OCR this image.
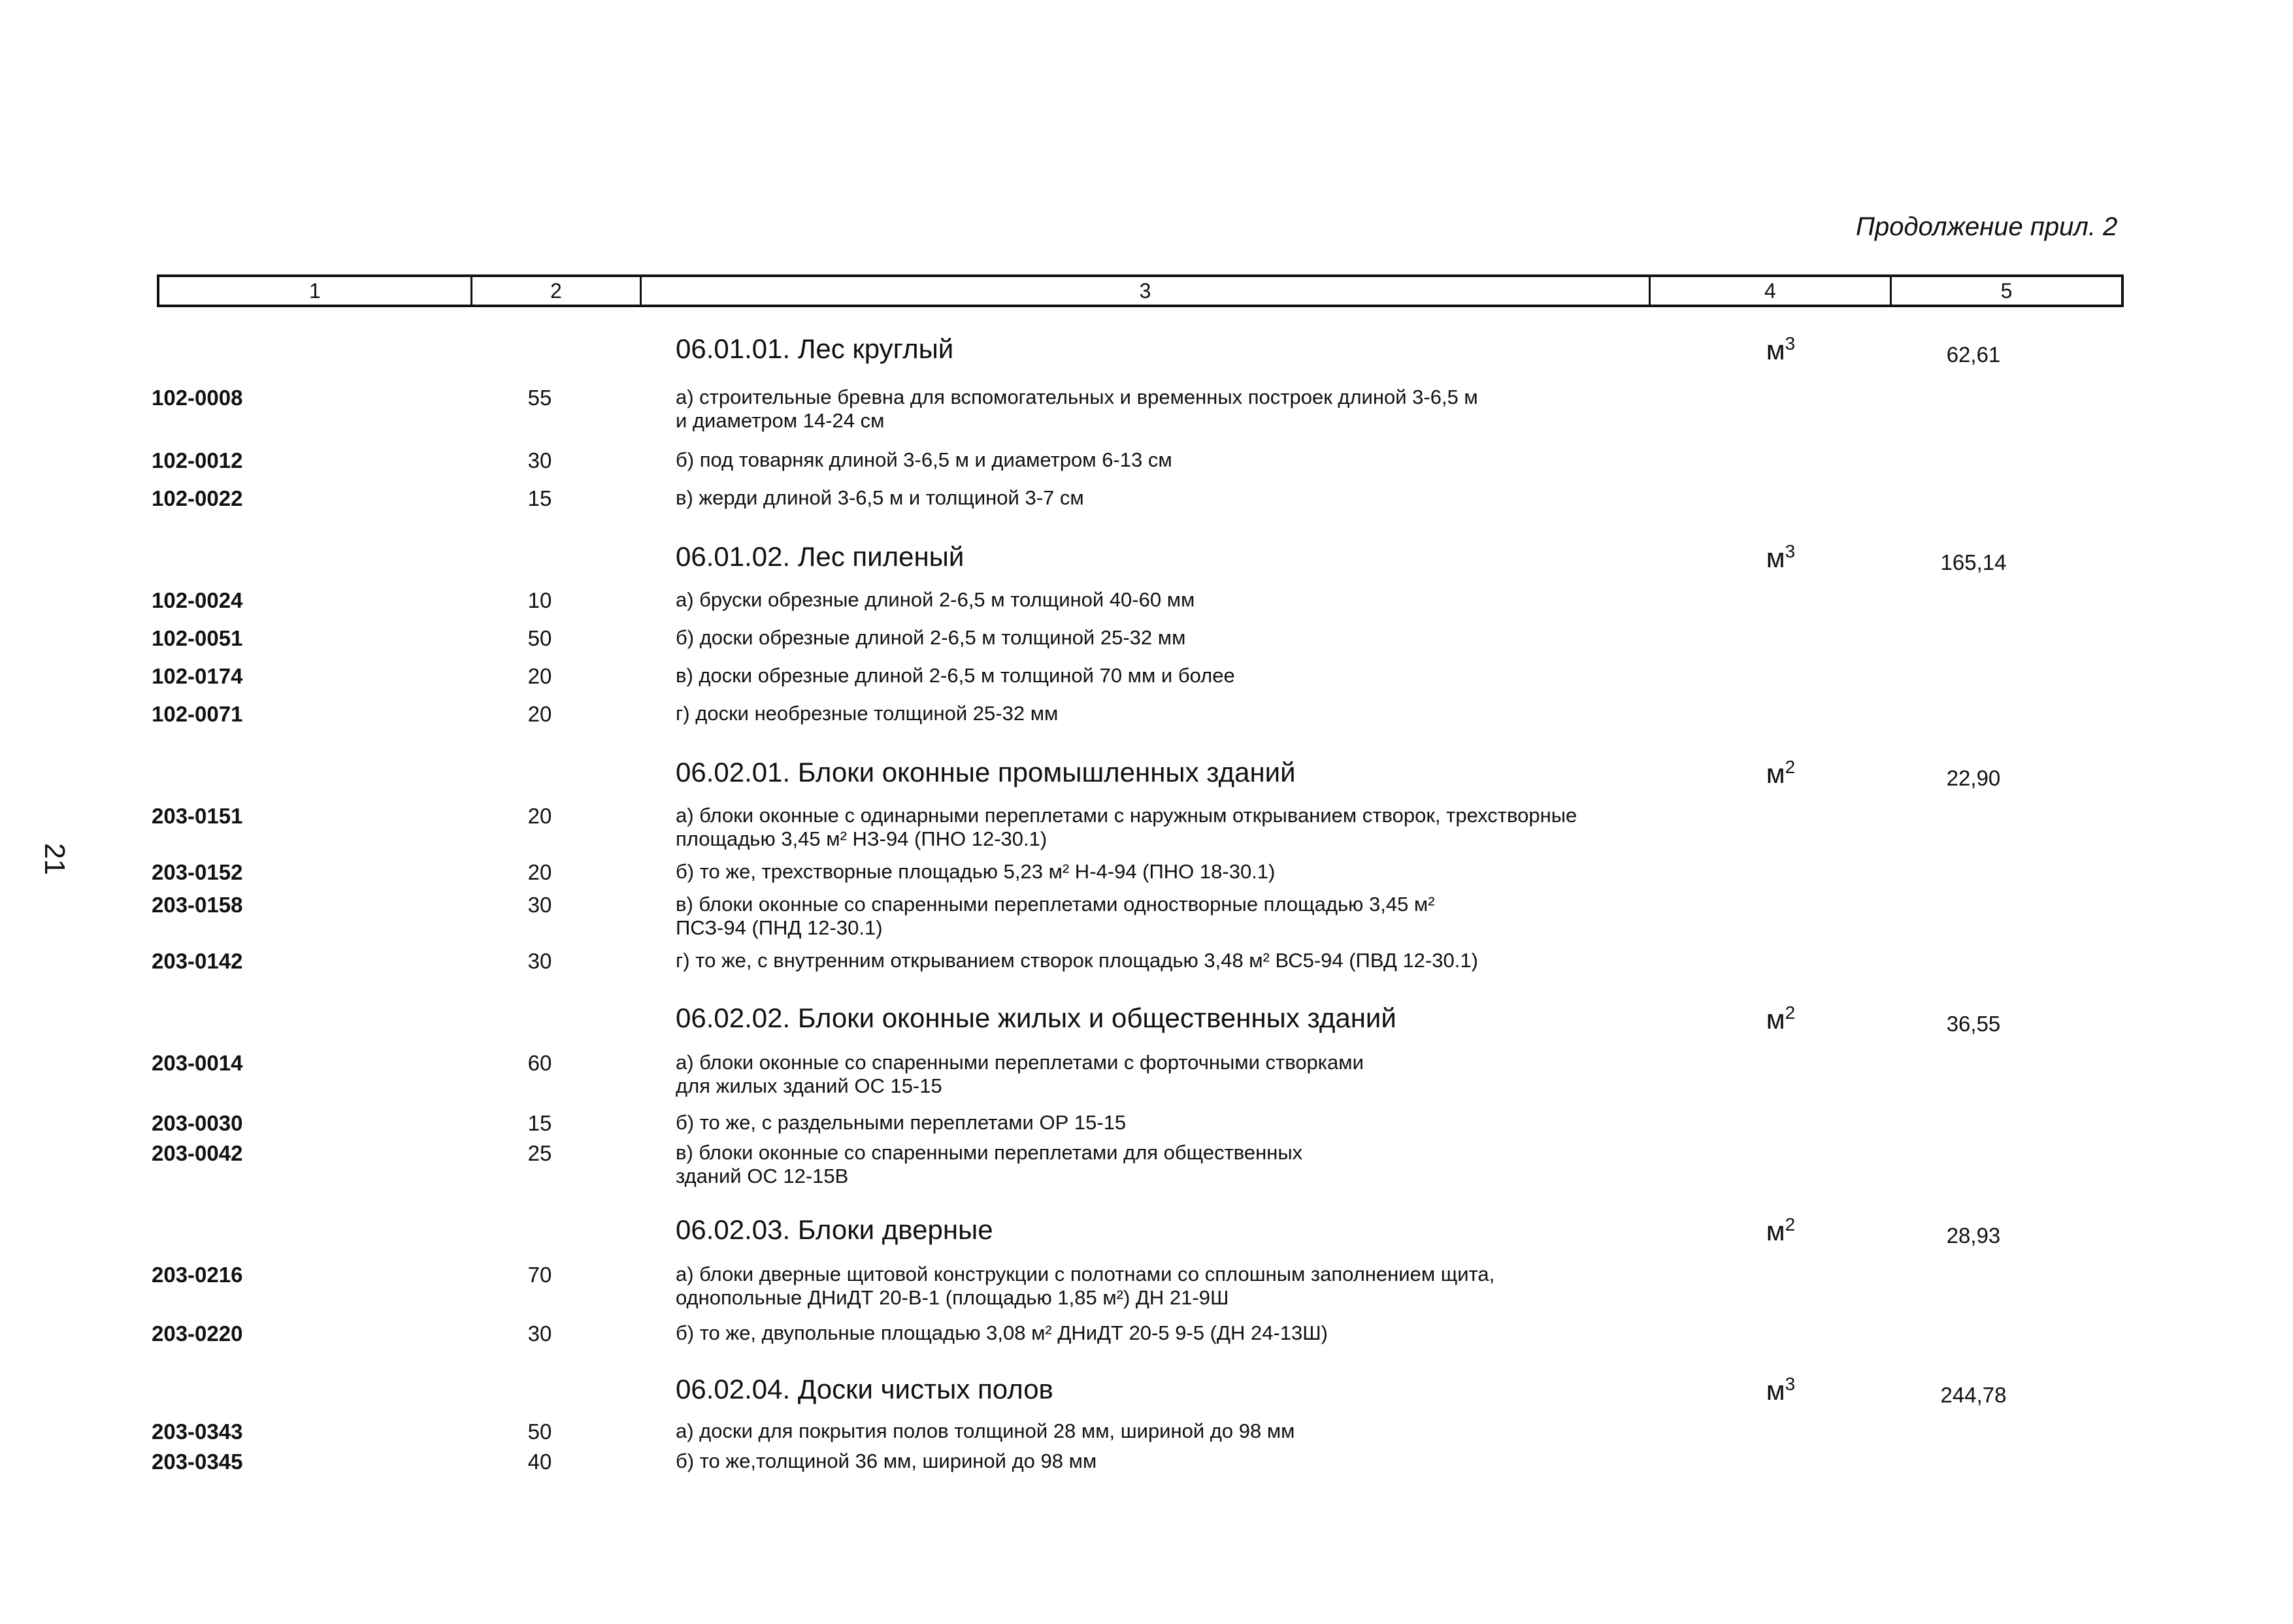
Продолжение прил. 2
1	2	3	4	5
21
06.01.01. Лес круглый	$м^3$	62,61
102-0008	55	а) строительные бревна для вспомогательных и временных построек длиной 3-6,5 м
и диаметром 14-24 см
102-0012	30	б) под товарняк длиной 3-6,5 м и диаметром 6-13 см
102-0022	15	в) жерди длиной 3-6,5 м и толщиной 3-7 см
06.01.02. Лес пиленый	$м^3$	165,14
102-0024	10	а) бруски обрезные длиной 2-6,5 м толщиной 40-60 мм
102-0051	50	б) доски обрезные длиной 2-6,5 м толщиной 25-32 мм
102-0174	20	в) доски обрезные длиной 2-6,5 м толщиной 70 мм и более
102-0071	20	г) доски необрезные толщиной 25-32 мм
06.02.01. Блоки оконные промышленных зданий	$м^2$	22,90
203-0151	20	а) блоки оконные с одинарными переплетами с наружным открыванием створок, трехстворные
площадью 3,45 м² НЗ-94 (ПНО 12-30.1)
203-0152	20	б) то же, трехстворные площадью 5,23 м² Н-4-94 (ПНО 18-30.1)
203-0158	30	в) блоки оконные со спаренными переплетами одностворные площадью 3,45 м²
ПСЗ-94 (ПНД 12-30.1)
203-0142	30	г) то же, с внутренним открыванием створок площадью 3,48 м² ВС5-94 (ПВД 12-30.1)
06.02.02. Блоки оконные жилых и общественных зданий	$м^2$	36,55
203-0014	60	а) блоки оконные со спаренными переплетами с форточными створками
для жилых зданий ОС 15-15
203-0030	15	б) то же, с раздельными переплетами ОР 15-15
203-0042	25	в) блоки оконные со спаренными переплетами для общественных
зданий ОС 12-15В
06.02.03. Блоки дверные	$м^2$	28,93
203-0216	70	а) блоки дверные щитовой конструкции с полотнами со сплошным заполнением щита,
однопольные ДНиДТ 20-В-1 (площадью 1,85 м²) ДН 21-9Ш
203-0220	30	б) то же, двупольные площадью 3,08 м² ДНиДТ 20-5 9-5 (ДН 24-13Ш)
06.02.04. Доски чистых полов	$м^3$	244,78
203-0343	50	а) доски для покрытия полов толщиной 28 мм, шириной до 98 мм
203-0345	40	б) то же,толщиной 36 мм, шириной до 98 мм
